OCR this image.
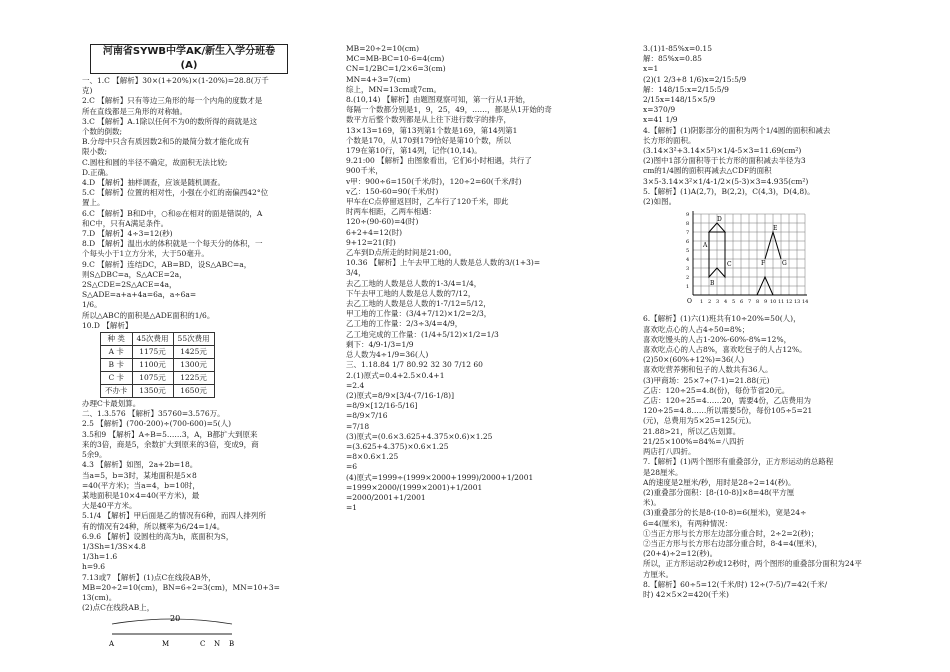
河南省SYWB中学AK/新生入学分班卷(A)
一、1.C 【解析】30×(1+20%)×(1-20%)=28.8(万千
克)
2.C 【解析】只有等边三角形的每一个内角的度数才是
所在直线都是三角形的对称轴。
3.C 【解析】A.1除以任何不为0的数所得的商就是这
个数的倒数;
B.分母中只含有质因数2和5的最简分数才能化成有
限小数;
C.圆柱和圆的半径不确定，故面积无法比较;
D.正确。
4.D 【解析】抽样调查，应该是随机调查。
5.C 【解析】位置的相对性，小强在小红的南偏西42°位
置上。
6.C 【解析】B和D中，○和◎在相对的面是错误的，A
和C中，只有A满足条件。
7.D 【解析】4÷3=12(秒)
8.D 【解析】温出水的体积就是一个每天分的体积，一
个每头小于1立方分米，大于50毫升。
9.C 【解析】连结DC，AB=BD，设S△ABC=a，
则S△DBC=a，S△ACE=2a，
2S△CDE=2S△ACE=4a，
S△ADE=a+a+4a=6a，a÷6a=
1/6。
所以△ABC的面积是△ADE面积的1/6。
10.D 【解析】
种 类	45次费用	55次费用
A 卡	1175元	1425元
B 卡	1100元	1300元
C 卡	1075元	1225元
不办卡	1350元	1650元
办理C卡最划算。
二、1.3.576 【解析】35760=3.576万。
2.5 【解析】(700-200)÷(700-600)=5(人)
3.5和9 【解析】A÷B=5……3，A，B都扩大到原来
来的3倍，商是5，余数扩大到原来的3倍，变成9，商
5余9。
4.3 【解析】如图，2a+2b=18。
当a=5，b=3时，某地面积是5×8
=40(平方米)；当a=4，b=10时，
某地面积是10×4=40(平方米)，最
大是40平方米。
5.1/4 【解析】甲后面是乙的情况有6种，而四人排列所
有的情况有24种，所以概率为6/24=1/4。
6.9.6 【解析】设圆柱的高为h，底面积为S，
1/3Sh=1/3S×4.8
1/3h=1.6
h=9.6
7.13或7 【解析】(1)点C在线段AB外，
MB=20÷2=10(cm)，BN=6÷2=3(cm)，MN=10+3=
13(cm)。
(2)点C在线段AB上，
20
A	M	C N B
MB=20÷2=10(cm)
MC=MB-BC=10-6=4(cm)
CN=1/2BC=1/2×6=3(cm)
MN=4+3=7(cm)
综上，MN=13cm或7cm。
8.(10,14) 【解析】由题图观察可知，第一行从1开始，
每隔一个数都分别是1，9，25，49，……，都是从1开始的奇
数平方后整个数列都是从上往下进行数字的排序，
13×13=169，第13列第1个数是169，第14列第1
个数是170，从170到179恰好是第10个数，所以
179在第10行，第14列，记作(10,14)。
9.21:00 【解析】由图象看出，它们6小时相遇，共行了
900千米，
v甲：900÷6=150(千米/时)，120÷2=60(千米/时)
v乙：150-60=90(千米/时)
甲车在C点停留返回时，乙车行了120千米，即此
时两车相距，乙两车相遇：
120÷(90-60)=4(时)
6+2+4=12(时)
9+12=21(时)
乙车到D点所走的时间是21:00。
10.36 【解析】上午去甲工地的人数是总人数的3/(1+3)=
3/4，
去乙工地的人数是总人数的1-3/4=1/4，
下午去甲工地的人数是总人数的7/12，
去乙工地的人数是总人数的1-7/12=5/12，
甲工地的工作量：(3/4+7/12)×1/2=2/3，
乙工地的工作量：2/3÷3/4=4/9，
乙工地完成的工作量：(1/4+5/12)×1/2=1/3
剩下：4/9-1/3=1/9
总人数为4÷1/9=36(人)
三、1.18.84 1/7 80.92 32 30 7/12 60
2.(1)原式=0.4+2.5×0.4+1
=2.4
(2)原式=8/9×[3/4-(7/16-1/8)]
=8/9×[12/16-5/16]
=8/9×7/16
=7/18
(3)原式=(0.6×3.625+4.375×0.6)×1.25
=(3.625+4.375)×0.6×1.25
=8×0.6×1.25
=6
(4)原式=1999÷(1999×2000+1999)/2000+1/2001
=1999×2000/(1999×2001)+1/2001
=2000/2001+1/2001
=1
3.(1)1-85%x=0.15
解：85%x=0.85
x=1
(2)(1 2/3+8 1/6)x=2/15:5/9
解：148/15:x=2/15:5/9
2/15x=148/15×5/9
x=370/9
x=41 1/9
4.【解析】(1)阴影部分的面积为两个1/4圆的面积和减去
长方形的面积。
(3.14×3²+3.14×5²)×1/4-5×3=11.69(cm²)
(2)图中1部分面积等于长方形的面积减去半径为3
cm的1/4圆的面积再减去△CDF的面积
3×5-3.14×3²×1/4-1/2×(5-3)×3=4.935(cm²)
5.【解析】(1)A(2,7)，B(2,2)，C(4,3)，D(4,8)。
(2)如图。
D
E
A
C	F	G
B
O 1 2 3 4 5 6 7 8 9 10 11 12 13 14
9
8
7
6
5
4
3
2
1
6.【解析】(1)六(1)班共有10÷20%=50(人)，
喜欢吃点心的人占4÷50=8%；
喜欢吃馒头的人占1-20%-60%-8%=12%，
喜欢吃点心的人占8%，喜欢吃包子的人占12%。
(2)50×(60%+12%)=36(人)
喜欢吃营养粥和包子的人数共有36人。
(3)甲商场：25×7÷(7-1)=21.88(元)
乙店：120÷25=4.8(份)，每份节省20元。
乙店：120÷25=4……20，需要4份，乙店费用为
120÷25=4.8……所以需要5份，每份105÷5=21
(元)，总费用为5×25=125(元)。
21.88>21，所以乙店划算。
21/25×100%=84%=八四折
两店打八四折。
7.【解析】(1)两个图形有重叠部分，正方形运动的总路程
是28厘米。
A的速度是2厘米/秒，用时是28÷2=14(秒)。
(2)重叠部分面积：[8-(10-8)]×8=48(平方厘
米)。
(3)重叠部分的长是8-(10-8)=6(厘米)，宽是24÷
6=4(厘米)，有两种情况：
①当正方形与长方形左边部分重合时，2÷2=2(秒)；
②当正方形与长方形右边部分重合时，8-4=4(厘米)，
(20+4)÷2=12(秒)。
所以，正方形运动2秒或12秒时，两个图形的重叠部分面积为24平
方厘米。
8.【解析】60÷5=12(千米/时) 12÷(7-5)/7=42(千米/
时) 42×5×2=420(千米)
